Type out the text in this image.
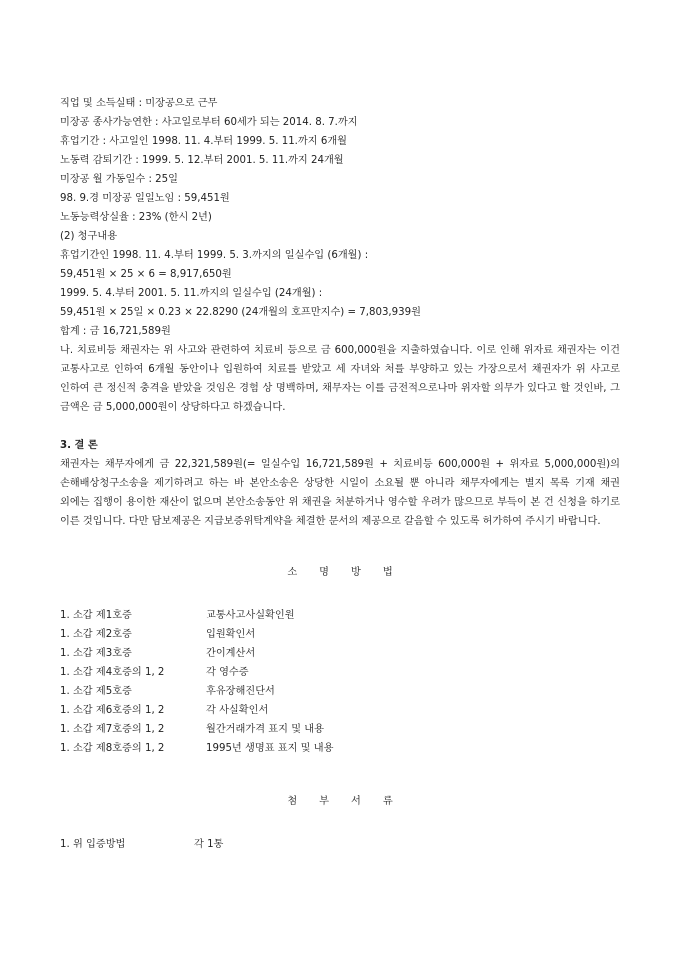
직업 및 소득실태 : 미장공으로 근무
미장공 종사가능연한 : 사고일로부터 60세가 되는 2014. 8. 7.까지
휴업기간 : 사고일인 1998. 11. 4.부터 1999. 5. 11.까지 6개월
노동력 감퇴기간 : 1999. 5. 12.부터 2001. 5. 11.까지 24개월
미장공 월 가동일수 : 25일
98. 9.경 미장공 일일노임 : 59,451원
노동능력상실율 : 23% (한시 2년)
(2) 청구내용
휴업기간인 1998. 11. 4.부터 1999. 5. 3.까지의 일실수입 (6개월) :
59,451원 × 25 × 6 = 8,917,650원
1999. 5. 4.부터 2001. 5. 11.까지의 일실수입 (24개월) :
59,451원 × 25일 × 0.23 × 22.8290 (24개월의 호프만지수) = 7,803,939원
합계 : 금 16,721,589원
나. 치료비등 채권자는 위 사고와 관련하여 치료비 등으로 금 600,000원을 지출하였습니다. 이로 인해 위자료 채권자는 이건 교통사고로 인하여 6개월 동안이나 입원하여 치료를 받았고 세 자녀와 처를 부양하고 있는 가장으로서 채권자가 위 사고로 인하여 큰 정신적 충격을 받았을 것임은 경험 상 명백하며, 채무자는 이를 금전적으로나마 위자할 의무가 있다고 할 것인바, 그 금액은 금 5,000,000원이 상당하다고 하겠습니다.
3. 결 론
채권자는 채무자에게 금 22,321,589원(= 일실수입 16,721,589원 + 치료비등 600,000원 + 위자료 5,000,000원)의 손해배상청구소송을 제기하려고 하는 바 본안소송은 상당한 시일이 소요될 뿐 아니라 채무자에게는 별지 목록 기재 채권 외에는 집행이 용이한 재산이 없으며 본안소송동안 위 채권을 처분하거나 영수할 우려가 많으므로 부득이 본 건 신청을 하기로 이른 것입니다. 다만 담보제공은 지급보증위탁계약을 체결한 문서의 제공으로 갈음할 수 있도록 허가하여 주시기 바랍니다.
소명방법
1. 소갑 제1호증	교통사고사실확인원
1. 소갑 제2호증	입원확인서
1. 소갑 제3호증	간이계산서
1. 소갑 제4호증의 1, 2	각 영수증
1. 소갑 제5호증	후유장해진단서
1. 소갑 제6호증의 1, 2	각 사실확인서
1. 소갑 제7호증의 1, 2	월간거래가격 표지 및 내용
1. 소갑 제8호증의 1, 2	1995년 생명표 표지 및 내용
첨부서류
1. 위 입증방법	각 1통
